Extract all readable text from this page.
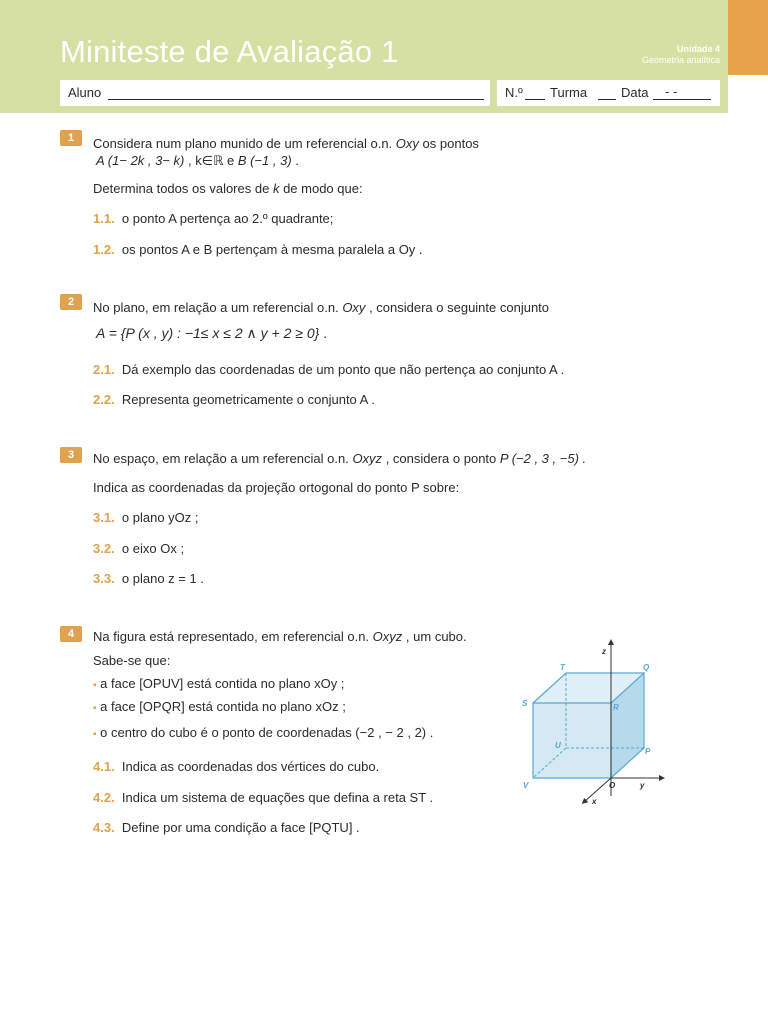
Miniteste de Avaliação 1	Unidade 4
Geometria analítica
Aluno	N.º Turma	Data - -
1	Considera num plano munido de um referencial o.n. Oxy os pontos
A (1− 2k , 3− k) , k∈ℝ e B (−1 , 3) .
Determina todos os valores de k de modo que:
1.1. o ponto A pertença ao 2.º quadrante;
1.2. os pontos A e B pertençam à mesma paralela a Oy .
2	No plano, em relação a um referencial o.n. Oxy , considera o seguinte conjunto
A = {P (x , y) : −1≤ x ≤ 2 ∧ y + 2 ≥ 0} .
2.1. Dá exemplo das coordenadas de um ponto que não pertença ao conjunto A .
2.2. Representa geometricamente o conjunto A .
3	No espaço, em relação a um referencial o.n. Oxyz , considera o ponto P (−2 , 3 , −5) .
Indica as coordenadas da projeção ortogonal do ponto P sobre:
3.1. o plano yOz ;
3.2. o eixo Ox ;
3.3. o plano z = 1 .
4	Na figura está representado, em referencial o.n. Oxyz , um cubo.
Sabe-se que:
▪ a face [OPUV] está contida no plano xOy ;
▪ a face [OPQR] está contida no plano xOz ;
▪ o centro do cubo é o ponto de coordenadas (−2 , − 2 , 2) .
4.1. Indica as coordenadas dos vértices do cubo.
4.2. Indica um sistema de equações que defina a reta ST .
4.3. Define por uma condição a face [PQTU] .
z
y
x
O
T	Q
S	R
U
P
V
